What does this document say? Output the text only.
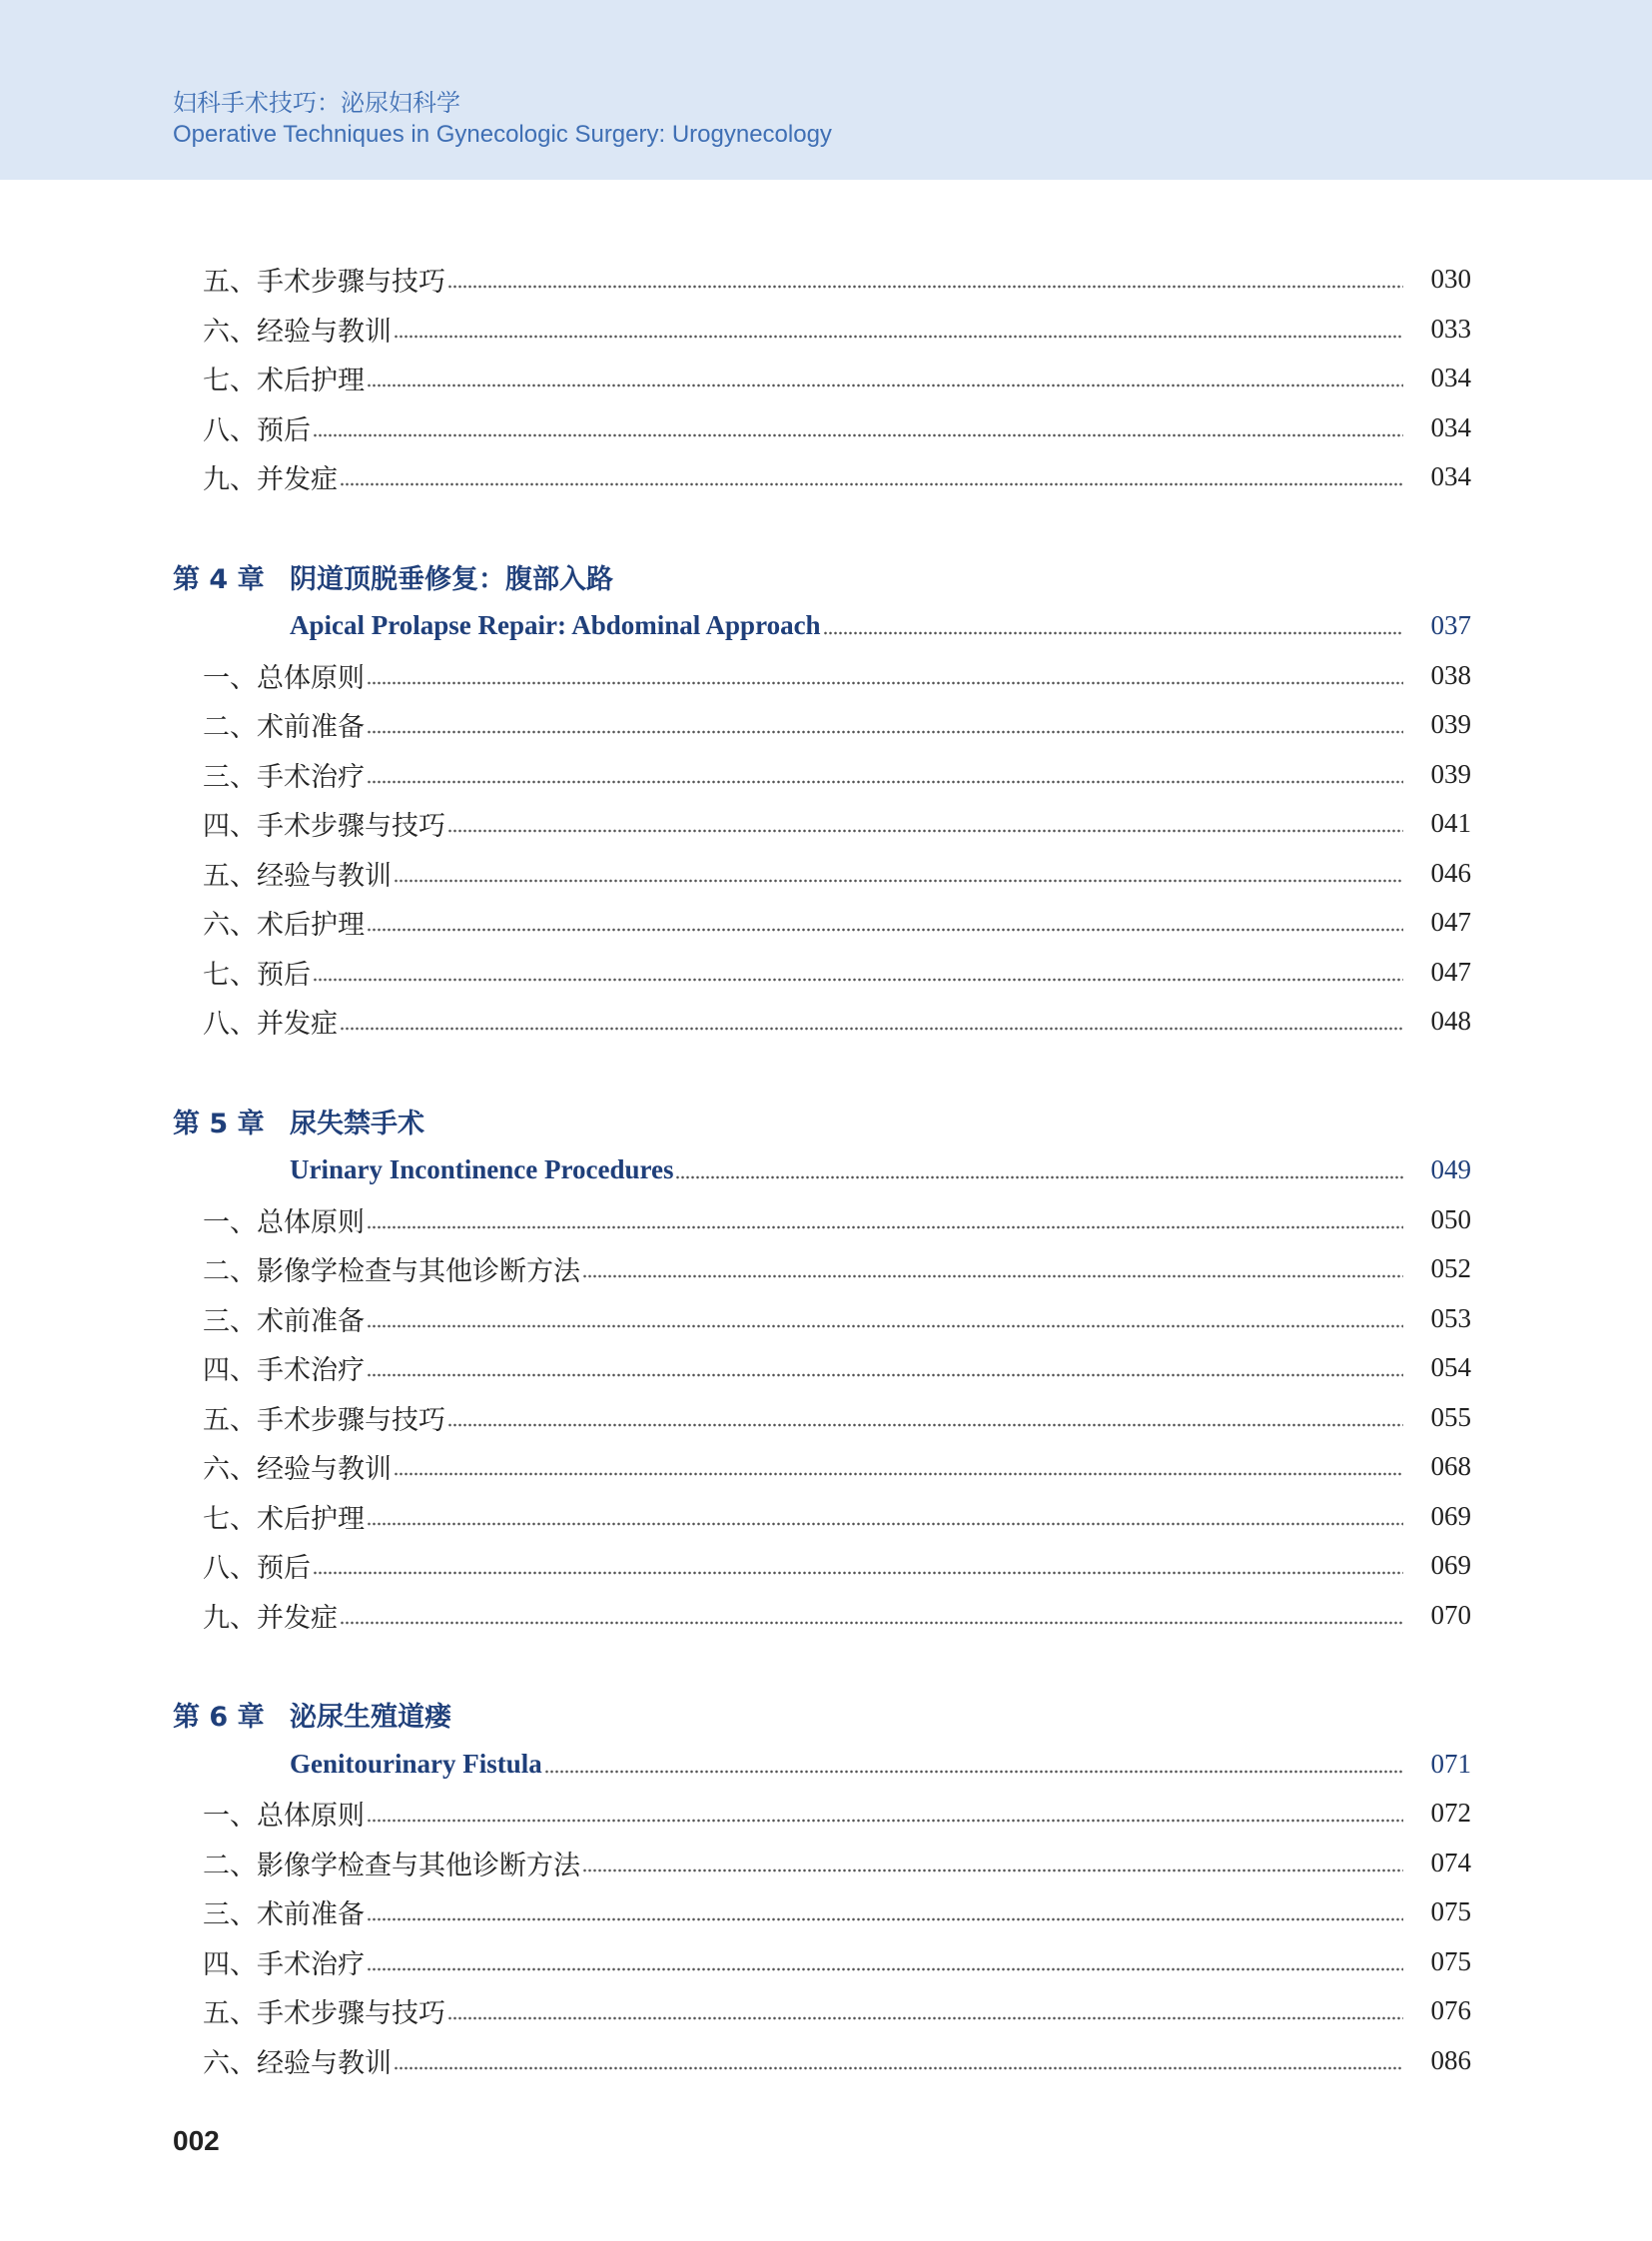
妇科手术技巧：泌尿妇科学
Operative Techniques in Gynecologic Surgery: Urogynecology
五、手术步骤与技巧	030
六、经验与教训	033
七、术后护理	034
八、预后	034
九、并发症	034
第 4 章 阴道顶脱垂修复：腹部入路
Apical Prolapse Repair: Abdominal Approach	037
一、总体原则	038
二、术前准备	039
三、手术治疗	039
四、手术步骤与技巧	041
五、经验与教训	046
六、术后护理	047
七、预后	047
八、并发症	048
第 5 章 尿失禁手术
Urinary Incontinence Procedures	049
一、总体原则	050
二、影像学检查与其他诊断方法	052
三、术前准备	053
四、手术治疗	054
五、手术步骤与技巧	055
六、经验与教训	068
七、术后护理	069
八、预后	069
九、并发症	070
第 6 章 泌尿生殖道瘘
Genitourinary Fistula	071
一、总体原则	072
二、影像学检查与其他诊断方法	074
三、术前准备	075
四、手术治疗	075
五、手术步骤与技巧	076
六、经验与教训	086
002
